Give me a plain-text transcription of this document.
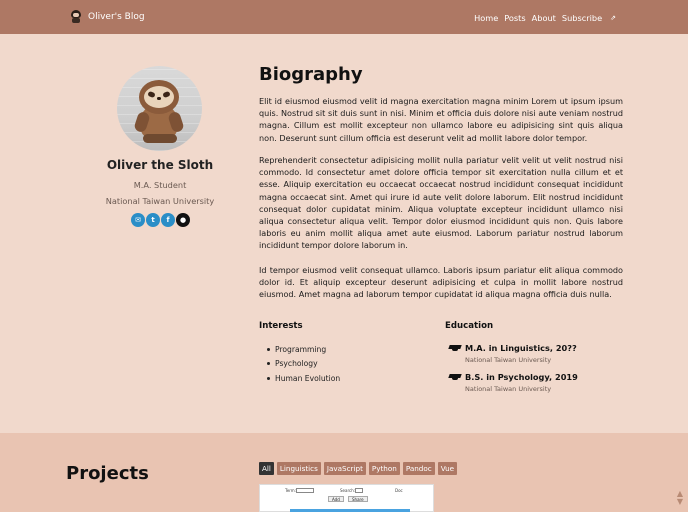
Oliver's Blog	Home Posts About Subscribe ⇗
Oliver the Sloth
M.A. Student
National Taiwan University
✉	t	f	●
Biography

Elit id eiusmod eiusmod velit id magna exercitation magna minim Lorem ut ipsum ipsum quis. Nostrud sit sit duis sunt in nisi. Minim et officia duis dolore nisi aute veniam nostrud magna. Cillum est mollit excepteur non ullamco labore eu adipisicing sint quis aliqua non. Deserunt sunt cillum officia est deserunt velit ad mollit labore dolor tempor.

Reprehenderit consectetur adipisicing mollit nulla pariatur velit velit ut velit nostrud nisi commodo. Id consectetur amet dolore officia tempor sit exercitation nulla cillum et et esse. Aliquip exercitation eu occaecat occaecat nostrud incididunt consequat incididunt magna occaecat sint. Amet qui irure id aute velit dolore laborum. Elit nostrud incididunt consequat dolor cupidatat minim. Aliqua voluptate excepteur incididunt ullamco nisi aliqua consectetur aliqua velit. Tempor dolor eiusmod incididunt quis non. Quis labore laboris eu anim mollit aliqua amet aute eiusmod. Laborum pariatur nostrud laborum incididunt tempor dolore laborum in.

Id tempor eiusmod velit consequat ullamco. Laboris ipsum pariatur elit aliqua commodo dolor id. Et aliquip excepteur deserunt adipisicing et culpa in mollit labore nostrud eiusmod. Amet magna ad laborum tempor cupidatat id aliqua magna officia duis nulla.

Interests
Programming
Psychology
Human Evolution
Education
M.A. in Linguistics, 20??
National Taiwan University
B.S. in Psychology, 2019
National Taiwan University
Projects	All	Linguistics	JavaScript	Python	Pandoc	Vue
Term:	Search:	Doc
Add	Share
▲
▼
